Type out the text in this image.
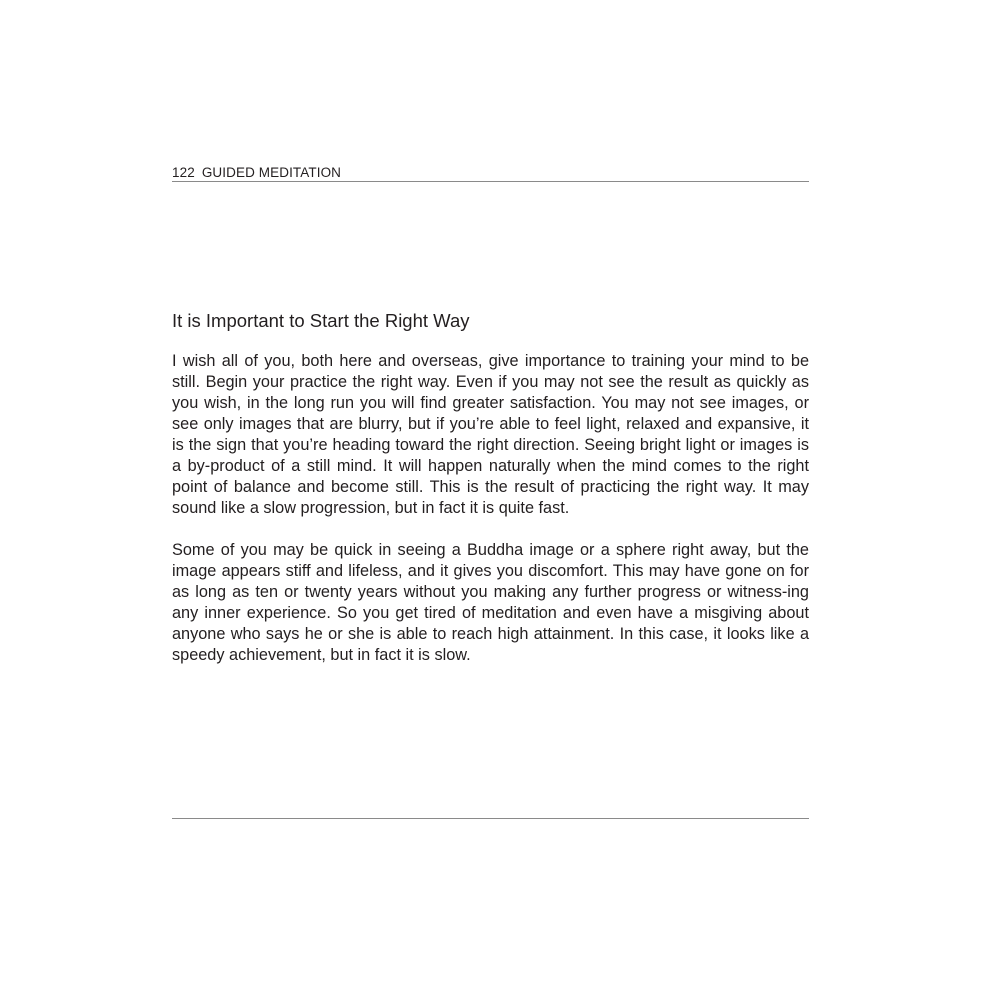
122 GUIDED MEDITATION
It is Important to Start the Right Way

I wish all of you, both here and overseas, give importance to training your mind to be still. Begin your practice the right way. Even if you may not see the result as quickly as you wish, in the long run you will find greater satisfaction. You may not see images, or see only images that are blurry, but if you’re able to feel light, relaxed and expansive, it is the sign that you’re heading toward the right direction. Seeing bright light or images is a by-product of a still mind. It will happen naturally when the mind comes to the right point of balance and become still. This is the result of practicing the right way. It may sound like a slow progression, but in fact it is quite fast.

Some of you may be quick in seeing a Buddha image or a sphere right away, but the image appears stiff and lifeless, and it gives you discomfort. This may have gone on for as long as ten or twenty years without you making any further progress or witness-ing any inner experience. So you get tired of meditation and even have a misgiving about anyone who says he or she is able to reach high attainment. In this case, it looks like a speedy achievement, but in fact it is slow.
